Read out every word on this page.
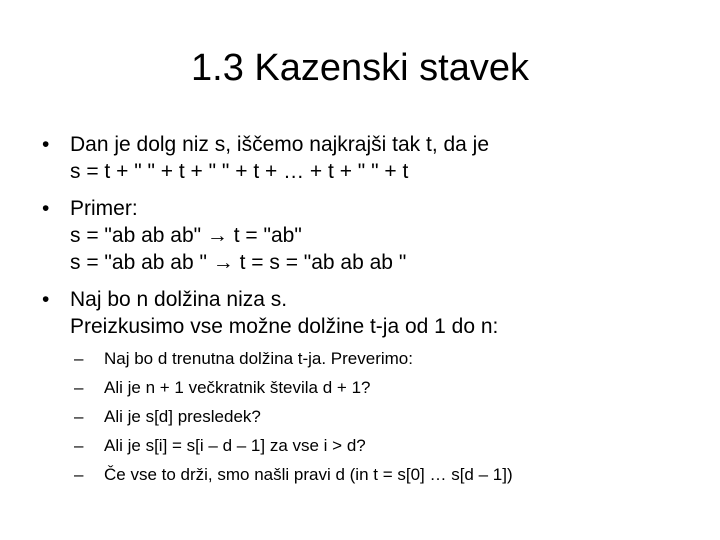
1.3 Kazenski stavek
• Dan je dolg niz s, iščemo najkrajši tak t, da je
s = t + " " + t + " " + t + … + t + " " + t
• Primer:
s = "ab ab ab" → t = "ab"
s = "ab ab ab " → t = s = "ab ab ab "
• Naj bo n dolžina niza s.
Preizkusimo vse možne dolžine t-ja od 1 do n:
– Naj bo d trenutna dolžina t-ja. Preverimo:
– Ali je n + 1 večkratnik števila d + 1?
– Ali je s[d] presledek?
– Ali je s[i] = s[i – d – 1] za vse i > d?
– Če vse to drži, smo našli pravi d (in t = s[0] … s[d – 1])
